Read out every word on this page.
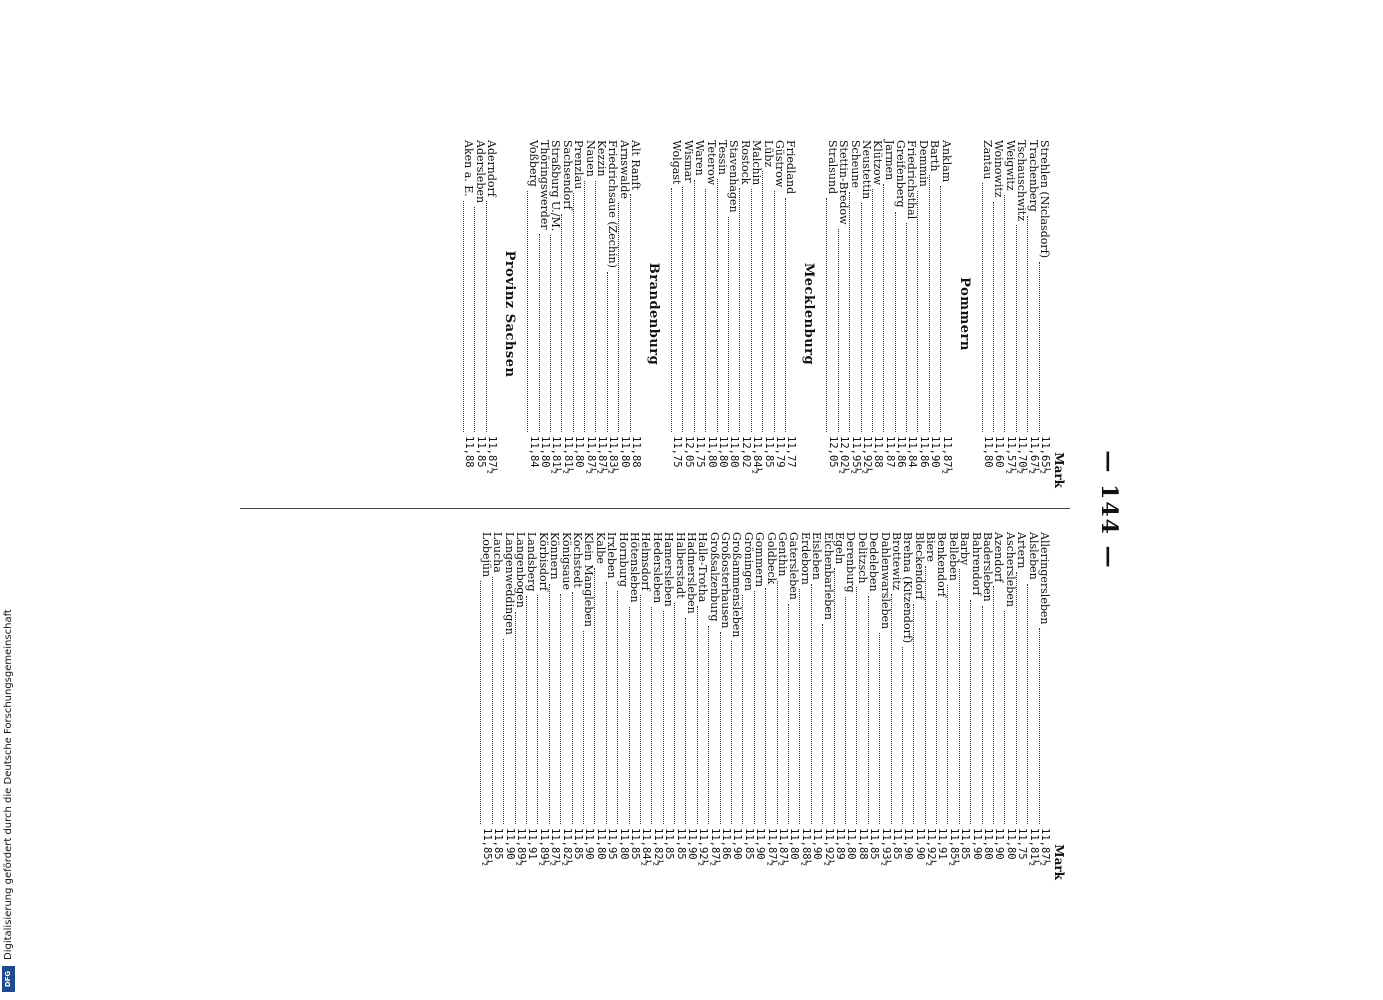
— 144 —
Mark
Strehlen (Niclasdorf)
11,65½
Trachenberg
11,67½
Tschauschwitz
11,70½
Weigwitz
11,57½
Woinowitz
11,60
Zantau
11,80
Pommern
Anklam
11,87½
Barth
11,90
Demmin
11,86
Friedrichsthal
11,84
Greifenberg
11,86
Jarmen
11,87
Klützow
11,88
Neustettin
11,92½
Scheune
11,95½
Stettin-Bredow
12,02½
Stralsund
12,05
Mecklenburg
Friedland
11,77
Güstrow
11,79
Lübz
11,85
Malchin
11,84½
Rostock
12,02
Stavenhagen
11,80
Tessin
11,80
Teterow
11,80
Waren
11,75
Wismar
12,05
Wolgast
11,75
Brandenburg
Alt Ranft
11,88
Arnswalde
11,80
Friedrichsaue (Zechin)
11,83½
Kezzin
11,87½
Nauen
11,87½
Prenzlau
11,80
Sachsendorf
11,81½
Straßburg U./M.
11,81½
Thöringswerder
11,80
Voßberg
11,84
Provinz Sachsen
Aderndorf
11,87½
Adersleben
11,85
Aken a. E.
11,88
Mark
Alleringersleben
11,87½
Alsleben
11,81½
Artern
11,75
Aschersleben
11,80
Azendorf
11,90
Badersleben
11,80
Bahrendorf
11,90
Barby
11,85
Belleben
11,85½
Benkendorf
11,91
Biere
11,92½
Bleckendorf
11,90
Brehna (Kitzendorf)
11,90
Brottewitz
11,85
Dahlenwarsleben
11,93½
Dedeleben
11,85
Delitzsch
11,88
Derenburg
11,80
Egeln
11,89
Eichenbarleben
11,92½
Eisleben
11,90
Erdeborn
11,88½
Gatersleben
11,80
Genthin
11,87½
Goldbeck
11,87½
Gommern
11,90
Gröningen
11,85
Großammensleben
11,90
Großosterhausen
11,86
Großsalzenburg
11,87½
Halle-Trotha
11,92½
Hadmersleben
11,90
Halberstadt
11,85
Hamersleben
11,85
Hedersleben
11,82½
Helmsdorf
11,84½
Hötensleben
11,85
Hornburg
11,80
Irxleben
11,95
Kalbe
11,80
Klein Mangleben
11,90
Kochstedt
11,85
Königsaue
11,82½
Könnern
11,87½
Körbisdorf
11,89½
Landsberg
11,91
Langenbogen
11,89½
Langenweddingen
11,90
Laucha
11,85
Lobejün
11,85½
Digitalisierung gefördert durch die Deutsche Forschungsgemeinschaft
DFG
